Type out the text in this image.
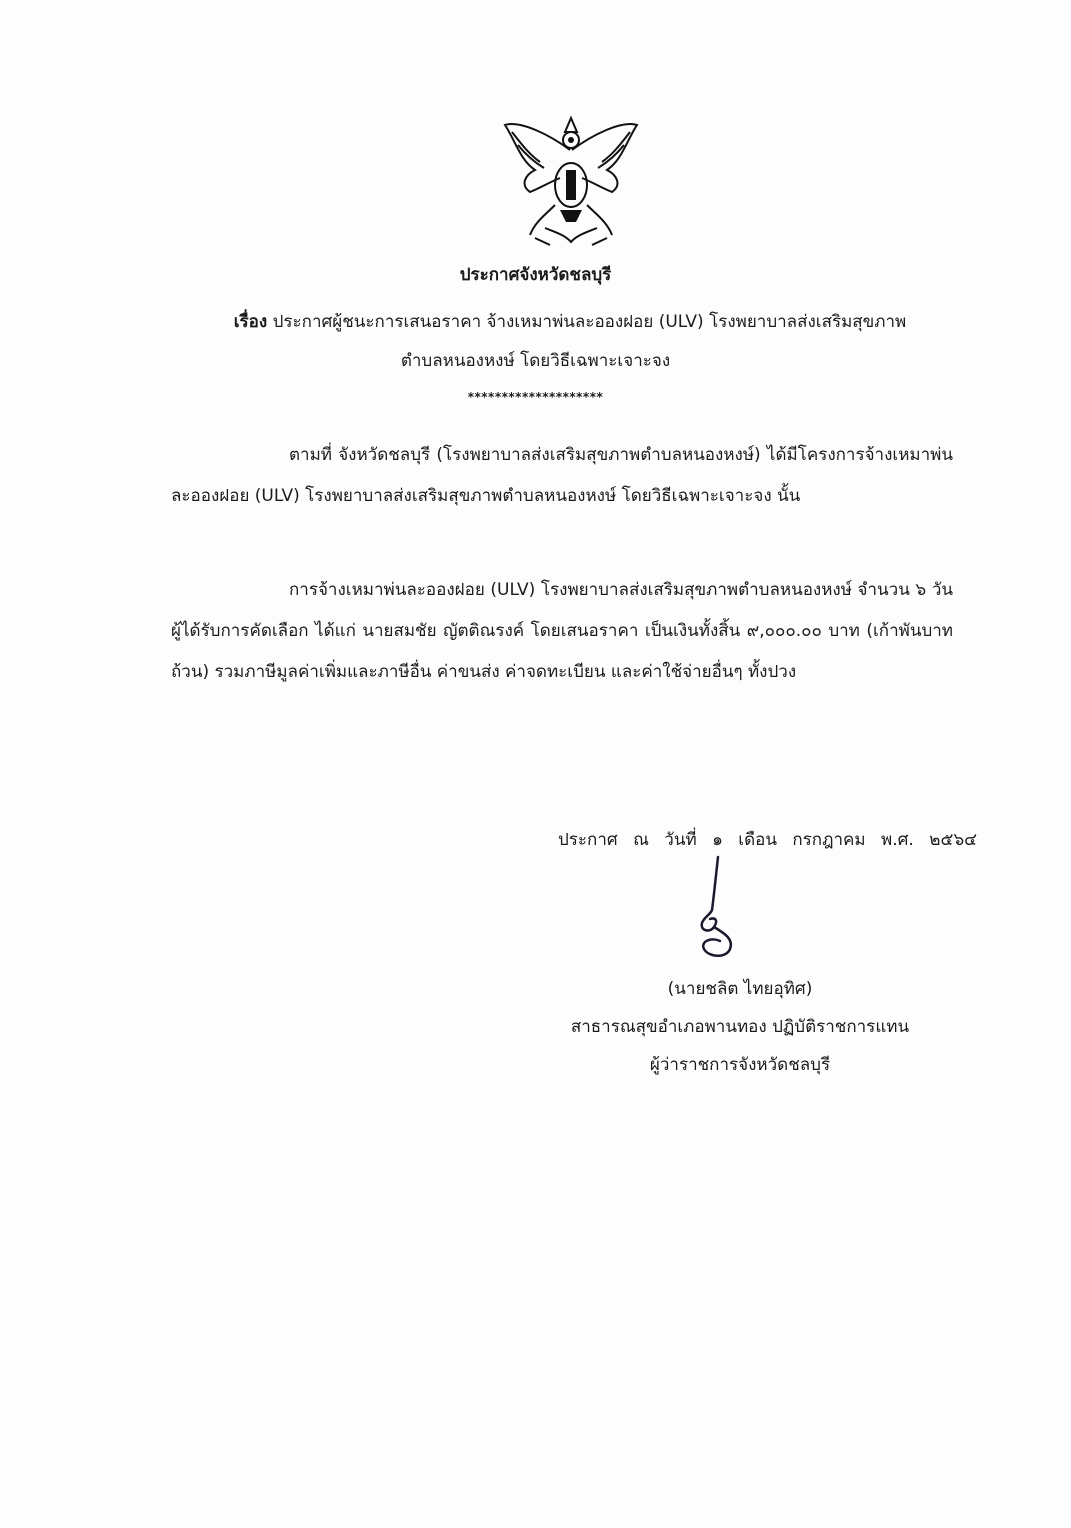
ประกาศจังหวัดชลบุรี
เรื่อง ประกาศผู้ชนะการเสนอราคา จ้างเหมาพ่นละอองฝอย (ULV) โรงพยาบาลส่งเสริมสุขภาพ
ตำบลหนองหงษ์ โดยวิธีเฉพาะเจาะจง
********************
ตามที่ จังหวัดชลบุรี (โรงพยาบาลส่งเสริมสุขภาพตำบลหนองหงษ์) ได้มีโครงการจ้างเหมาพ่นละอองฝอย (ULV) โรงพยาบาลส่งเสริมสุขภาพตำบลหนองหงษ์ โดยวิธีเฉพาะเจาะจง นั้น
การจ้างเหมาพ่นละอองฝอย (ULV) โรงพยาบาลส่งเสริมสุขภาพตำบลหนองหงษ์ จำนวน ๖ วัน ผู้ได้รับการคัดเลือก ได้แก่ นายสมชัย ญัตติณรงค์ โดยเสนอราคา เป็นเงินทั้งสิ้น ๙,๐๐๐.๐๐ บาท (เก้าพันบาทถ้วน) รวมภาษีมูลค่าเพิ่มและภาษีอื่น ค่าขนส่ง ค่าจดทะเบียน และค่าใช้จ่ายอื่นๆ ทั้งปวง
ประกาศ ณ วันที่ ๑ เดือน กรกฎาคม พ.ศ. ๒๕๖๔
(นายชลิต ไทยอุทิศ)
สาธารณสุขอำเภอพานทอง ปฏิบัติราชการแทน
ผู้ว่าราชการจังหวัดชลบุรี
